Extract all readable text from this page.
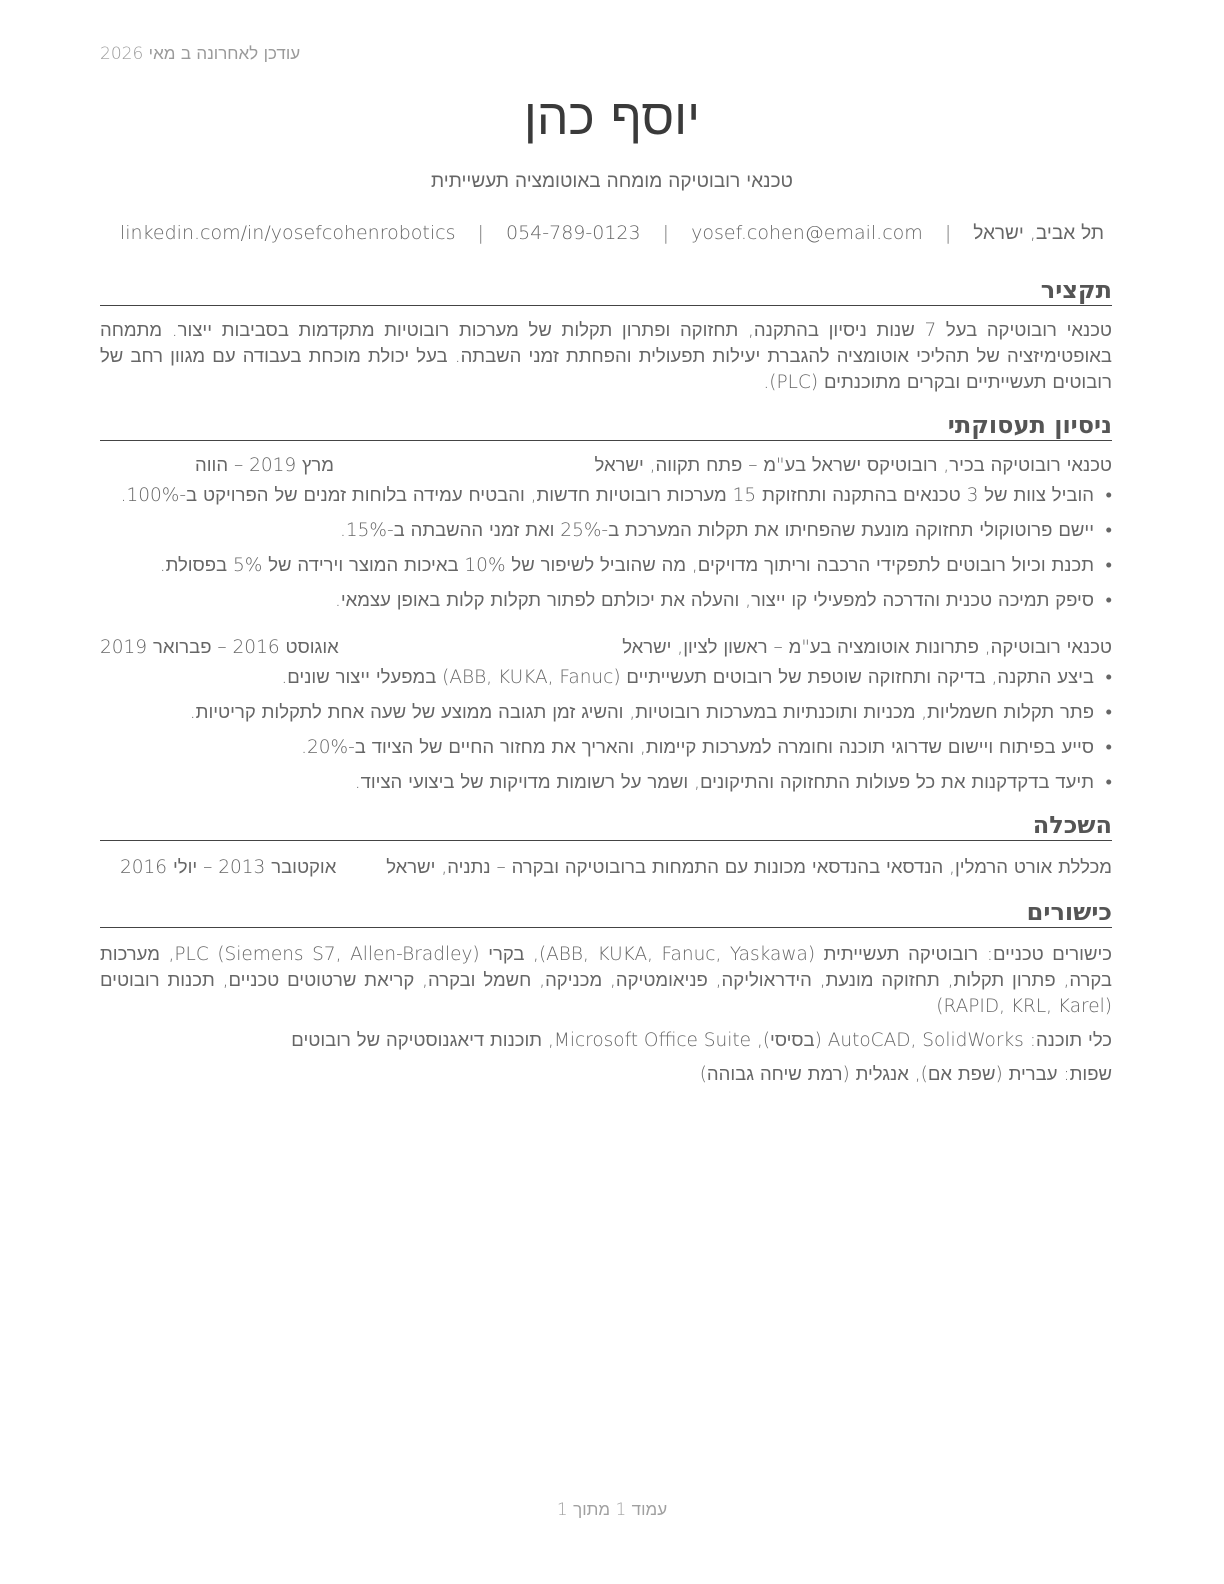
עודכן לאחרונה ב מאי 2026
יוסף כהן
טכנאי רובוטיקה מומחה באוטומציה תעשייתית
תל אביב, ישראל | yosef.cohen@email.com | 054-789-0123 | linkedin.com/in/yosefcohenrobotics
תקציר

טכנאי רובוטיקה בעל 7 שנות ניסיון בהתקנה, תחזוקה ופתרון תקלות של מערכות רובוטיות מתקדמות בסביבות ייצור. מתמחה באופטימיזציה של תהליכי אוטומציה להגברת יעילות תפעולית והפחתת זמני השבתה. בעל יכולת מוכחת בעבודה עם מגוון רחב של רובוטים תעשייתיים ובקרים מתוכנתים (PLC).

ניסיון תעסוקתי
טכנאי רובוטיקה בכיר, רובוטיקס ישראל בע"מ – פתח תקווה, ישראל
מרץ 2019 – הווה
• הוביל צוות של 3 טכנאים בהתקנה ותחזוקת 15 מערכות רובוטיות חדשות, והבטיח עמידה בלוחות זמנים של הפרויקט ב-100%.
• יישם פרוטוקולי תחזוקה מונעת שהפחיתו את תקלות המערכת ב-25% ואת זמני ההשבתה ב-15%.
• תכנת וכיול רובוטים לתפקידי הרכבה וריתוך מדויקים, מה שהוביל לשיפור של 10% באיכות המוצר וירידה של 5% בפסולת.
• סיפק תמיכה טכנית והדרכה למפעילי קו ייצור, והעלה את יכולתם לפתור תקלות קלות באופן עצמאי.
טכנאי רובוטיקה, פתרונות אוטומציה בע"מ – ראשון לציון, ישראל
אוגוסט 2016 – פברואר 2019
• ביצע התקנה, בדיקה ותחזוקה שוטפת של רובוטים תעשייתיים (ABB, KUKA, Fanuc) במפעלי ייצור שונים.
• פתר תקלות חשמליות, מכניות ותוכנתיות במערכות רובוטיות, והשיג זמן תגובה ממוצע של שעה אחת לתקלות קריטיות.
• סייע בפיתוח ויישום שדרוגי תוכנה וחומרה למערכות קיימות, והאריך את מחזור החיים של הציוד ב-20%.
• תיעד בדקדקנות את כל פעולות התחזוקה והתיקונים, ושמר על רשומות מדויקות של ביצועי הציוד.
השכלה
מכללת אורט הרמלין, הנדסאי בהנדסאי מכונות עם התמחות ברובוטיקה ובקרה – נתניה, ישראל
אוקטובר 2013 – יולי 2016
כישורים

כישורים טכניים: רובוטיקה תעשייתית (ABB, KUKA, Fanuc, Yaskawa), בקרי PLC (Siemens S7, Allen-Bradley), מערכות בקרה, פתרון תקלות, תחזוקה מונעת, הידראוליקה, פניאומטיקה, מכניקה, חשמל ובקרה, קריאת שרטוטים טכניים, תכנות רובוטים (RAPID, KRL, Karel)

כלי תוכנה: AutoCAD, SolidWorks (בסיסי), Microsoft Office Suite, תוכנות דיאגנוסטיקה של רובוטים

שפות: עברית (שפת אם), אנגלית (רמת שיחה גבוהה)

עמוד 1 מתוך 1
